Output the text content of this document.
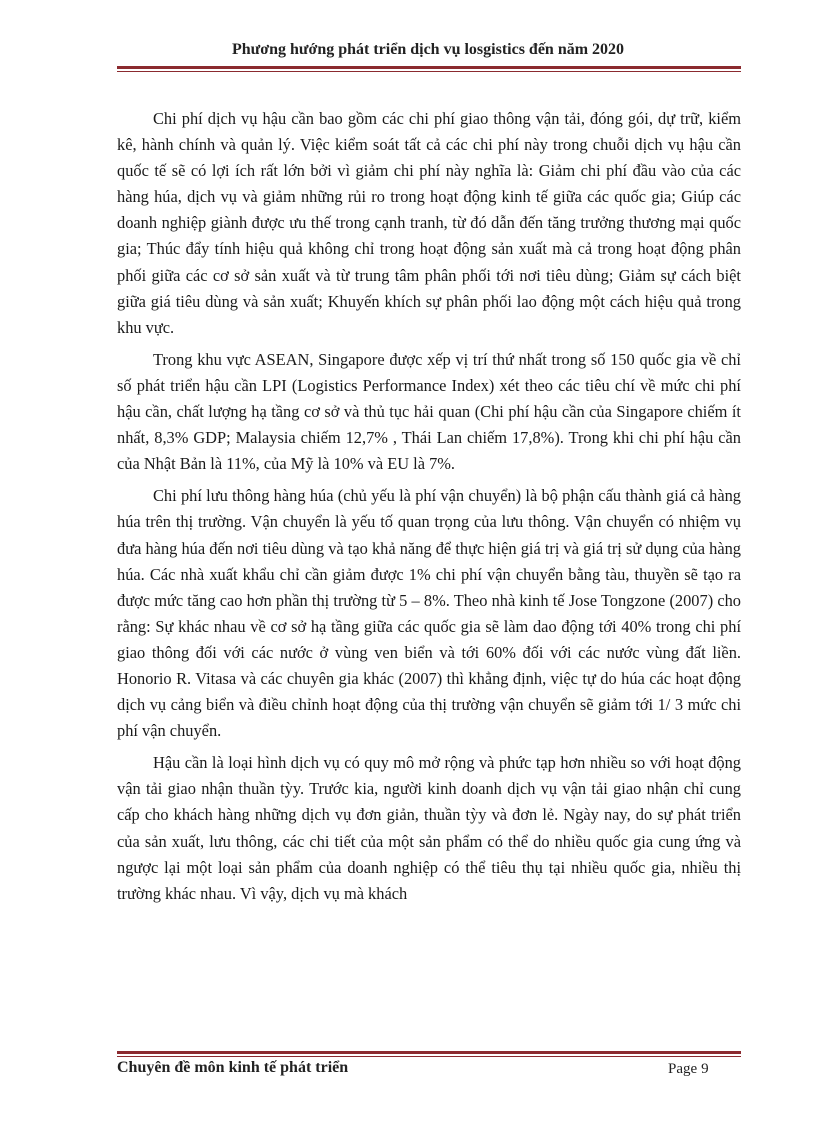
Phương hướng phát triển dịch vụ losgistics đến năm 2020

Chi phí dịch vụ hậu cần bao gồm các chi phí giao thông vận tải, đóng gói, dự trữ, kiểm kê, hành chính và quản lý. Việc kiểm soát tất cả các chi phí này trong chuỗi dịch vụ hậu cần quốc tế sẽ có lợi ích rất lớn bởi vì giảm chi phí này nghĩa là: Giảm chi phí đầu vào của các hàng húa, dịch vụ và giảm những rủi ro trong hoạt động kinh tế giữa các quốc gia; Giúp các doanh nghiệp giành được ưu thế trong cạnh tranh, từ đó dẫn đến tăng trưởng thương mại quốc gia; Thúc đẩy tính hiệu quả không chỉ trong hoạt động sản xuất mà cả trong hoạt động phân phối giữa các cơ sở sản xuất và từ trung tâm phân phối tới nơi tiêu dùng; Giảm sự cách biệt giữa giá tiêu dùng và sản xuất; Khuyến khích sự phân phối lao động một cách hiệu quả trong khu vực.

Trong khu vực ASEAN, Singapore được xếp vị trí thứ nhất trong số 150 quốc gia về chỉ số phát triển hậu cần LPI (Logistics Performance Index) xét theo các tiêu chí về mức chi phí hậu cần, chất lượng hạ tầng cơ sở và thủ tục hải quan (Chi phí hậu cần của Singapore chiếm ít nhất, 8,3% GDP; Malaysia chiếm 12,7% , Thái Lan chiếm 17,8%). Trong khi chi phí hậu cần của Nhật Bản là 11%, của Mỹ là 10% và EU là 7%.

Chi phí lưu thông hàng húa (chủ yếu là phí vận chuyển) là bộ phận cấu thành giá cả hàng húa trên thị trường. Vận chuyển là yếu tố quan trọng của lưu thông. Vận chuyển có nhiệm vụ đưa hàng húa đến nơi tiêu dùng và tạo khả năng để thực hiện giá trị và giá trị sử dụng của hàng húa. Các nhà xuất khẩu chỉ cần giảm được 1% chi phí vận chuyển bằng tàu, thuyền sẽ tạo ra được mức tăng cao hơn phần thị trường từ 5 – 8%. Theo nhà kinh tế Jose Tongzone (2007) cho rằng: Sự khác nhau về cơ sở hạ tầng giữa các quốc gia sẽ làm dao động tới 40% trong chi phí giao thông đối với các nước ở vùng ven biển và tới 60% đối với các nước vùng đất liền. Honorio R. Vitasa và các chuyên gia khác (2007) thì khẳng định, việc tự do húa các hoạt động dịch vụ cảng biển và điều chỉnh hoạt động của thị trường vận chuyển sẽ giảm tới 1/ 3 mức chi phí vận chuyển.

Hậu cần là loại hình dịch vụ có quy mô mở rộng và phức tạp hơn nhiều so với hoạt động vận tải giao nhận thuần tỳy. Trước kia, người kinh doanh dịch vụ vận tải giao nhận chỉ cung cấp cho khách hàng những dịch vụ đơn giản, thuần tỳy và đơn lẻ. Ngày nay, do sự phát triển của sản xuất, lưu thông, các chi tiết của một sản phẩm có thể do nhiều quốc gia cung ứng và ngược lại một loại sản phẩm của doanh nghiệp có thể tiêu thụ tại nhiều quốc gia, nhiều thị trường khác nhau. Vì vậy, dịch vụ mà khách

Chuyên đề môn kinh tế phát triển	Page 9
